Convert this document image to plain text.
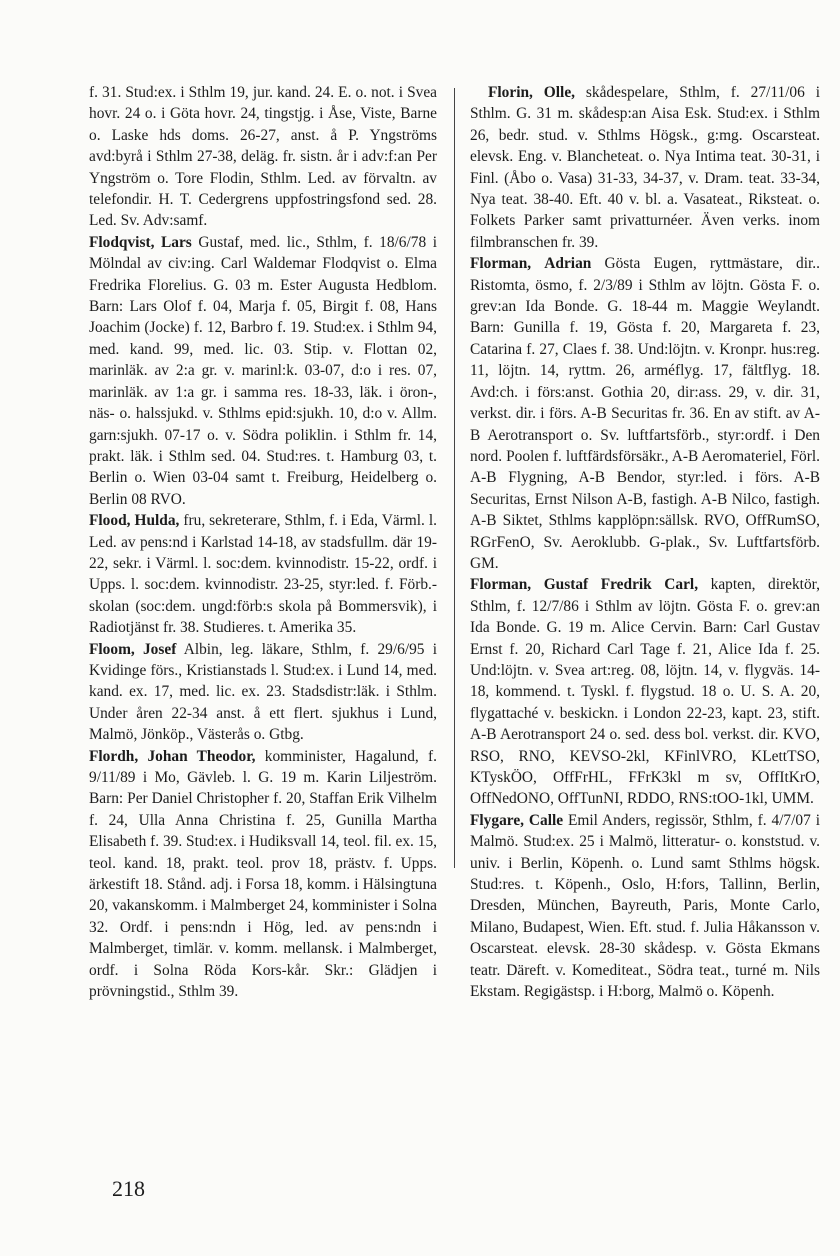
f. 31. Stud:ex. i Sthlm 19, jur. kand. 24. E. o. not. i Svea hovr. 24 o. i Göta hovr. 24, tingstjg. i Åse, Viste, Barne o. Laske hds doms. 26-27, anst. å P. Yngströms avd:byrå i Sthlm 27-38, deläg. fr. sistn. år i adv:f:an Per Yngström o. Tore Flodin, Sthlm. Led. av förvaltn. av telefondir. H. T. Cedergrens uppfostringsfond sed. 28. Led. Sv. Adv:samf.

Flodqvist, Lars Gustaf, med. lic., Sthlm, f. 18/6/78 i Mölndal av civ:ing. Carl Waldemar Flodqvist o. Elma Fredrika Florelius. G. 03 m. Ester Augusta Hedblom. Barn: Lars Olof f. 04, Marja f. 05, Birgit f. 08, Hans Joachim (Jocke) f. 12, Barbro f. 19. Stud:ex. i Sthlm 94, med. kand. 99, med. lic. 03. Stip. v. Flottan 02, marinläk. av 2:a gr. v. marinl:k. 03-07, d:o i res. 07, marinläk. av 1:a gr. i samma res. 18-33, läk. i öron-, näs- o. halssjukd. v. Sthlms epid:sjukh. 10, d:o v. Allm. garn:sjukh. 07-17 o. v. Södra poliklin. i Sthlm fr. 14, prakt. läk. i Sthlm sed. 04. Stud:res. t. Hamburg 03, t. Berlin o. Wien 03-04 samt t. Freiburg, Heidelberg o. Berlin 08 RVO.

Flood, Hulda, fru, sekreterare, Sthlm, f. i Eda, Värml. l. Led. av pens:nd i Karlstad 14-18, av stadsfullm. där 19-22, sekr. i Värml. l. soc:dem. kvinnodistr. 15-22, ordf. i Upps. l. soc:dem. kvinnodistr. 23-25, styr:led. f. Förb.-skolan (soc:dem. ungd:förb:s skola på Bommersvik), i Radiotjänst fr. 38. Studieres. t. Amerika 35.

Floom, Josef Albin, leg. läkare, Sthlm, f. 29/6/95 i Kvidinge förs., Kristianstads l. Stud:ex. i Lund 14, med. kand. ex. 17, med. lic. ex. 23. Stadsdistr:läk. i Sthlm. Under åren 22-34 anst. å ett flert. sjukhus i Lund, Malmö, Jönköp., Västerås o. Gtbg.

Flordh, Johan Theodor, komminister, Hagalund, f. 9/11/89 i Mo, Gävleb. l. G. 19 m. Karin Liljeström. Barn: Per Daniel Christopher f. 20, Staffan Erik Vilhelm f. 24, Ulla Anna Christina f. 25, Gunilla Martha Elisabeth f. 39. Stud:ex. i Hudiksvall 14, teol. fil. ex. 15, teol. kand. 18, prakt. teol. prov 18, prästv. f. Upps. ärkestift 18. Stånd. adj. i Forsa 18, komm. i Hälsingtuna 20, vakanskomm. i Malmberget 24, komminister i Solna 32. Ordf. i pens:ndn i Hög, led. av pens:ndn i Malmberget, timlär. v. komm. mellansk. i Malmberget, ordf. i Solna Röda Kors-kår. Skr.: Glädjen i prövningstid., Sthlm 39.

Florin, Olle, skådespelare, Sthlm, f. 27/11/06 i Sthlm. G. 31 m. skådesp:an Aisa Esk. Stud:ex. i Sthlm 26, bedr. stud. v. Sthlms Högsk., g:mg. Oscarsteat. elevsk. Eng. v. Blancheteat. o. Nya Intima teat. 30-31, i Finl. (Åbo o. Vasa) 31-33, 34-37, v. Dram. teat. 33-34, Nya teat. 38-40. Eft. 40 v. bl. a. Vasateat., Riksteat. o. Folkets Parker samt privatturnéer. Även verks. inom filmbranschen fr. 39.

Florman, Adrian Gösta Eugen, ryttmästare, dir.. Ristomta, ösmo, f. 2/3/89 i Sthlm av löjtn. Gösta F. o. grev:an Ida Bonde. G. 18-44 m. Maggie Weylandt. Barn: Gunilla f. 19, Gösta f. 20, Margareta f. 23, Catarina f. 27, Claes f. 38. Und:löjtn. v. Kronpr. hus:reg. 11, löjtn. 14, ryttm. 26, arméflyg. 17, fältflyg. 18. Avd:ch. i förs:anst. Gothia 20, dir:ass. 29, v. dir. 31, verkst. dir. i förs. A-B Securitas fr. 36. En av stift. av A-B Aerotransport o. Sv. luftfartsförb., styr:ordf. i Den nord. Poolen f. luftfärdsförsäkr., A-B Aeromateriel, Förl. A-B Flygning, A-B Bendor, styr:led. i förs. A-B Securitas, Ernst Nilson A-B, fastigh. A-B Nilco, fastigh. A-B Siktet, Sthlms kapplöpn:sällsk. RVO, OffRumSO, RGrFenO, Sv. Aeroklubb. G-plak., Sv. Luftfartsförb. GM.

Florman, Gustaf Fredrik Carl, kapten, direktör, Sthlm, f. 12/7/86 i Sthlm av löjtn. Gösta F. o. grev:an Ida Bonde. G. 19 m. Alice Cervin. Barn: Carl Gustav Ernst f. 20, Richard Carl Tage f. 21, Alice Ida f. 25. Und:löjtn. v. Svea art:reg. 08, löjtn. 14, v. flygväs. 14-18, kommend. t. Tyskl. f. flygstud. 18 o. U. S. A. 20, flygattaché v. beskickn. i London 22-23, kapt. 23, stift. A-B Aerotransport 24 o. sed. dess bol. verkst. dir. KVO, RSO, RNO, KEVSO-2kl, KFinlVRO, KLettTSO, KTyskÖO, OffFrHL, FFrK3kl m sv, OffItKrO, OffNedONO, OffTunNI, RDDO, RNS:tOO-1kl, UMM.

Flygare, Calle Emil Anders, regissör, Sthlm, f. 4/7/07 i Malmö. Stud:ex. 25 i Malmö, litteratur- o. konststud. v. univ. i Berlin, Köpenh. o. Lund samt Sthlms högsk. Stud:res. t. Köpenh., Oslo, H:fors, Tallinn, Berlin, Dresden, München, Bayreuth, Paris, Monte Carlo, Milano, Budapest, Wien. Eft. stud. f. Julia Håkansson v. Oscarsteat. elevsk. 28-30 skådesp. v. Gösta Ekmans teatr. Däreft. v. Komediteat., Södra teat., turné m. Nils Ekstam. Regigästsp. i H:borg, Malmö o. Köpenh.

218
